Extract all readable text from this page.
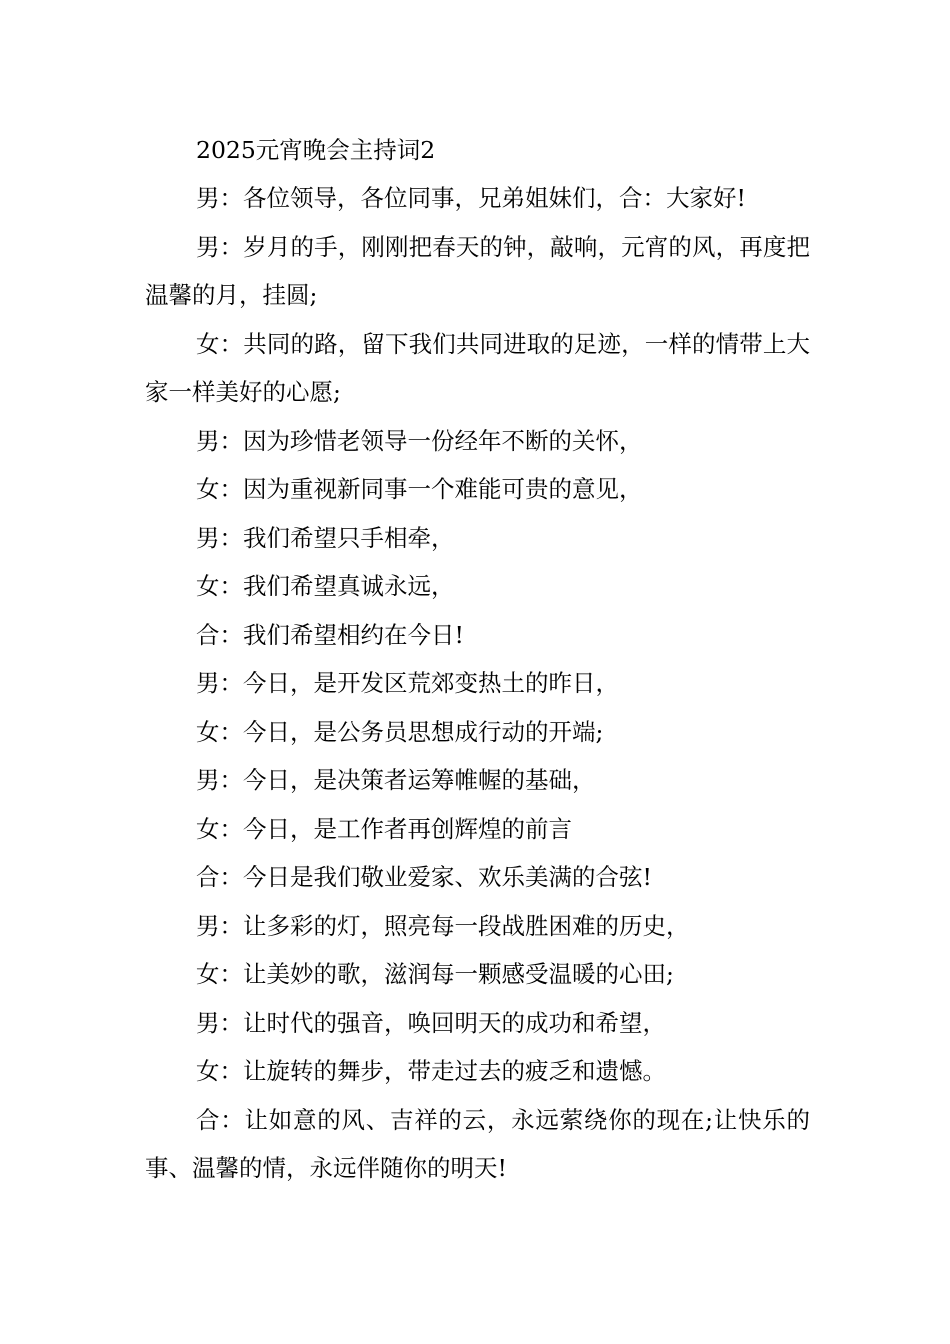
2025元宵晚会主持词2

男：各位领导，各位同事，兄弟姐妹们，合：大家好!

男：岁月的手，刚刚把春天的钟，敲响，元宵的风，再度把温馨的月，挂圆;

女：共同的路，留下我们共同进取的足迹，一样的情带上大家一样美好的心愿;

男：因为珍惜老领导一份经年不断的关怀，

女：因为重视新同事一个难能可贵的意见，

男：我们希望只手相牵，

女：我们希望真诚永远，

合：我们希望相约在今日!

男：今日，是开发区荒郊变热土的昨日，

女：今日，是公务员思想成行动的开端;

男：今日，是决策者运筹帷幄的基础，

女：今日，是工作者再创辉煌的前言

合：今日是我们敬业爱家、欢乐美满的合弦!

男：让多彩的灯，照亮每一段战胜困难的历史，

女：让美妙的歌，滋润每一颗感受温暖的心田;

男：让时代的强音，唤回明天的成功和希望，

女：让旋转的舞步，带走过去的疲乏和遗憾。

合：让如意的风、吉祥的云，永远萦绕你的现在;让快乐的事、温馨的情，永远伴随你的明天!
